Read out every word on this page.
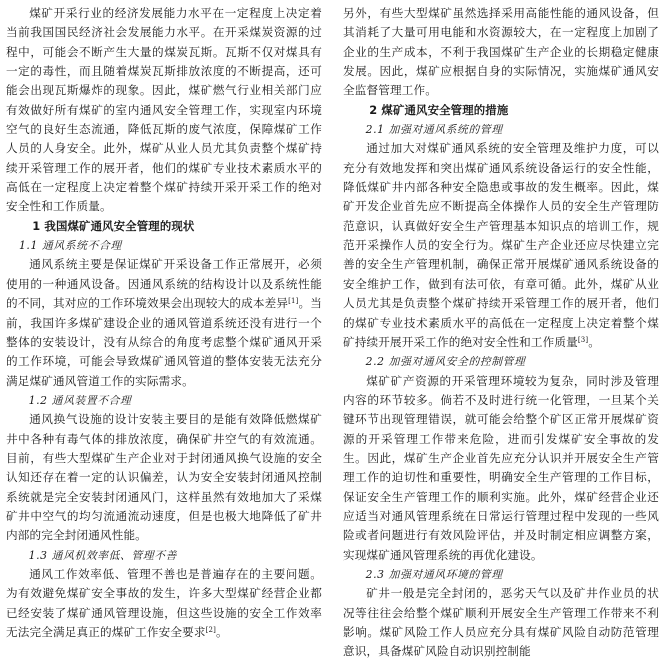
煤矿开采行业的经济发展能力水平在一定程度上决定着当前我国国民经济社会发展能力水平。在开采煤炭资源的过程中，可能会不断产生大量的煤炭瓦斯。瓦斯不仅对煤具有一定的毒性，而且随着煤炭瓦斯排放浓度的不断提高，还可能会出现瓦斯爆炸的现象。因此，煤矿燃气行业相关部门应有效做好所有煤矿的室内通风安全管理工作，实现室内环境空气的良好生态流通，降低瓦斯的废气浓度，保障煤矿工作人员的人身安全。此外，煤矿从业人员尤其负责整个煤矿持续开采管理工作的展开者，他们的煤矿专业技术素质水平的高低在一定程度上决定着整个煤矿持续开采开采工作的绝对安全性和工作质量。

1 我国煤矿通风安全管理的现状

1.1 通风系统不合理

通风系统主要是保证煤矿开采设备工作正常展开，必须使用的一种通风设备。因通风系统的结构设计以及系统性能的不同，其对应的工作环境效果会出现较大的成本差异[1]。当前，我国许多煤矿建设企业的通风管道系统还没有进行一个整体的安装设计，没有从综合的角度考虑整个煤矿通风开采的工作环境，可能会导致煤矿通风管道的整体安装无法充分满足煤矿通风管道工作的实际需求。

1.2 通风装置不合理

通风换气设施的设计安装主要目的是能有效降低燃煤矿井中各种有毒气体的排放浓度，确保矿井空气的有效流通。目前，有些大型煤矿生产企业对于封闭通风换气设施的安全认知还存在着一定的认识偏差，认为安全安装封闭通风控制系统就是完全安装封闭通风门，这样虽然有效地加大了采煤矿井中空气的均匀流通流动速度，但是也极大地降低了矿井内部的完全封闭通风性能。

1.3 通风机效率低、管理不善

通风工作效率低、管理不善也是普遍存在的主要问题。为有效避免煤矿安全事故的发生，许多大型煤矿经营企业都已经安装了煤矿通风管理设施，但这些设施的安全工作效率无法完全满足真正的煤矿工作安全要求[2]。

另外，有些大型煤矿虽然选择采用高能性能的通风设备，但其消耗了大量可用电能和水资源较大，在一定程度上加剧了企业的生产成本，不利于我国煤矿生产企业的长期稳定健康发展。因此，煤矿应根据自身的实际情况，实施煤矿通风安全监督管理工作。

2 煤矿通风安全管理的措施

2.1 加强对通风系统的管理

通过加大对煤矿通风系统的安全管理及维护力度，可以充分有效地发挥和突出煤矿通风系统设备运行的安全性能，降低煤矿井内部各种安全隐患或事故的发生概率。因此，煤矿开发企业首先应不断提高全体操作人员的安全生产管理防范意识，认真做好安全生产管理基本知识点的培训工作，规范开采操作人员的安全行为。煤矿生产企业还应尽快建立完善的安全生产管理机制，确保正常开展煤矿通风系统设备的安全维护工作，做到有法可依，有章可循。此外，煤矿从业人员尤其是负责整个煤矿持续开采管理工作的展开者，他们的煤矿专业技术素质水平的高低在一定程度上决定着整个煤矿持续开展开采工作的绝对安全性和工作质量[3]。

2.2 加强对通风安全的控制管理

煤矿矿产资源的开采管理环境较为复杂，同时涉及管理内容的环节较多。倘若不及时进行统一化管理，一旦某个关键环节出现管理错误，就可能会给整个矿区正常开展煤矿资源的开采管理工作带来危险，进而引发煤矿安全事故的发生。因此，煤矿生产企业首先应充分认识并开展安全生产管理工作的迫切性和重要性，明确安全生产管理的工作目标，保证安全生产管理工作的顺利实施。此外，煤矿经营企业还应适当对通风管理系统在日常运行管理过程中发现的一些风险或者问题进行有效风险评估，并及时制定相应调整方案，实现煤矿通风管理系统的再优化建设。

2.3 加强对通风环境的管理

矿井一般是完全封闭的，恶劣天气以及矿井作业员的状况等往往会给整个煤矿顺利开展安全生产管理工作带来不利影响。煤矿风险工作人员应充分具有煤矿风险自动防范管理意识，具备煤矿风险自动识别控制能
